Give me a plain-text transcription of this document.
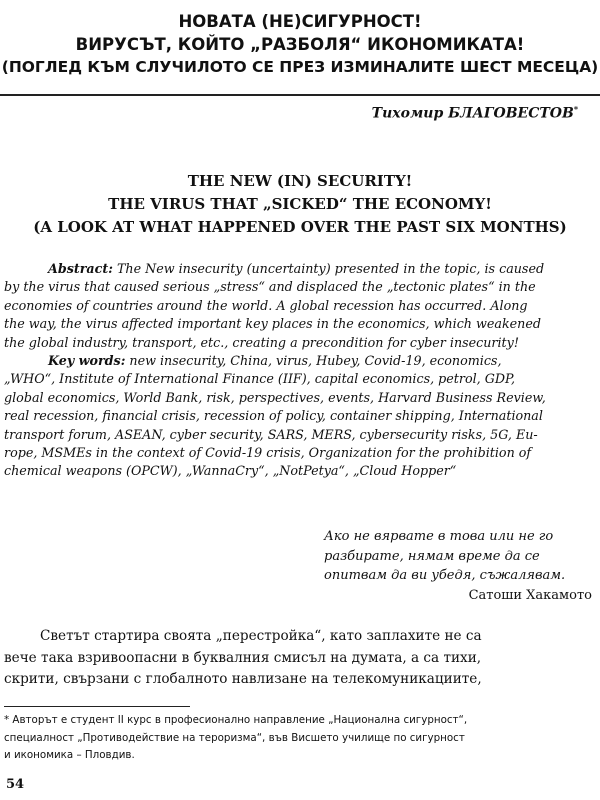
НОВАТА (НЕ)СИГУРНОСТ!
ВИРУСЪТ, КОЙТО „РАЗБОЛЯ“ ИКОНОМИКАТА!
(ПОГЛЕД КЪМ СЛУЧИЛОТО СЕ ПРЕЗ ИЗМИНАЛИТЕ ШЕСТ МЕСЕЦА)
Тихомир БЛАГОВЕСТОВ*
THE NEW (IN) SECURITY!
THE VIRUS THAT „SICKED“ THE ECONOMY!
(A LOOK AT WHAT HAPPENED OVER THE PAST SIX MONTHS)
Abstract: The New insecurity (uncertainty) presented in the topic, is caused
by the virus that caused serious „stress“ and displaced the „tectonic plates“ in the
economies of countries around the world. A global recession has occurred. Along
the way, the virus affected important key places in the economics, which weakened
the global industry, transport, etc., creating a precondition for cyber insecurity!
Key words: new insecurity, China, virus, Hubey, Covid-19, economics,
„WHO“, Institute of International Finance (IIF), capital economics, petrol, GDP,
global economics, World Bank, risk, perspectives, events, Harvard Business Review,
real recession, financial crisis, recession of policy, container shipping, International
transport forum, ASEAN, cyber security, SARS, MERS, cybersecurity risks, 5G, Eu-
rope, MSMEs in the context of Covid-19 crisis, Organization for the prohibition of
chemical weapons (OPCW), „WannaCry“, „NotPetya“, „Cloud Hopper“
Ако не вярвате в това или не го
разбирате, нямам време да се
опитвам да ви убедя, съжалявам.
Сатоши Хакамото
Светът стартира своята „перестройка“, като заплахите не са
вече така взривоопасни в буквалния смисъл на думата, а са тихи,
скрити, свързани с глобалното навлизане на телекомуникациите,
* Авторът е студент II курс в професионално направление „Национална сигурност“,
специалност „Противодействие на тероризма“, във Висшето училище по сигурност
и икономика – Пловдив.
54
